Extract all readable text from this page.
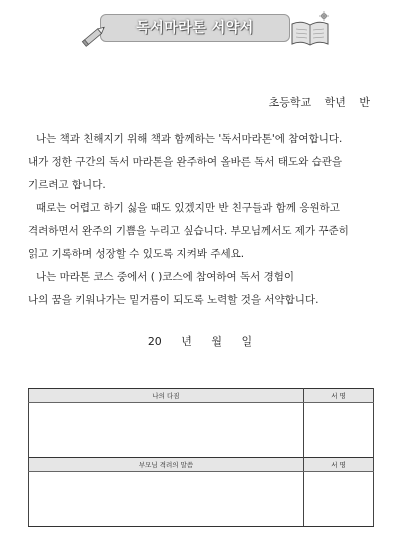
독서마라톤 서약서
초등학교 학년 반

나는 책과 친해지기 위해 책과 함께하는 '독서마라톤'에 참여합니다.

내가 정한 구간의 독서 마라톤을 완주하여 올바른 독서 태도와 습관을

기르려고 합니다.

때로는 어렵고 하기 싫을 때도 있겠지만 반 친구들과 함께 응원하고

격려하면서 완주의 기쁨을 누리고 싶습니다. 부모님께서도 제가 꾸준히

읽고 기록하며 성장할 수 있도록 지켜봐 주세요.

나는 마라톤 코스 중에서 ( )코스에 참여하여 독서 경험이

나의 꿈을 키워나가는 밑거름이 되도록 노력할 것을 서약합니다.

20 년 월 일
나의 다짐	서 명

부모님 격려의 말씀	서 명
